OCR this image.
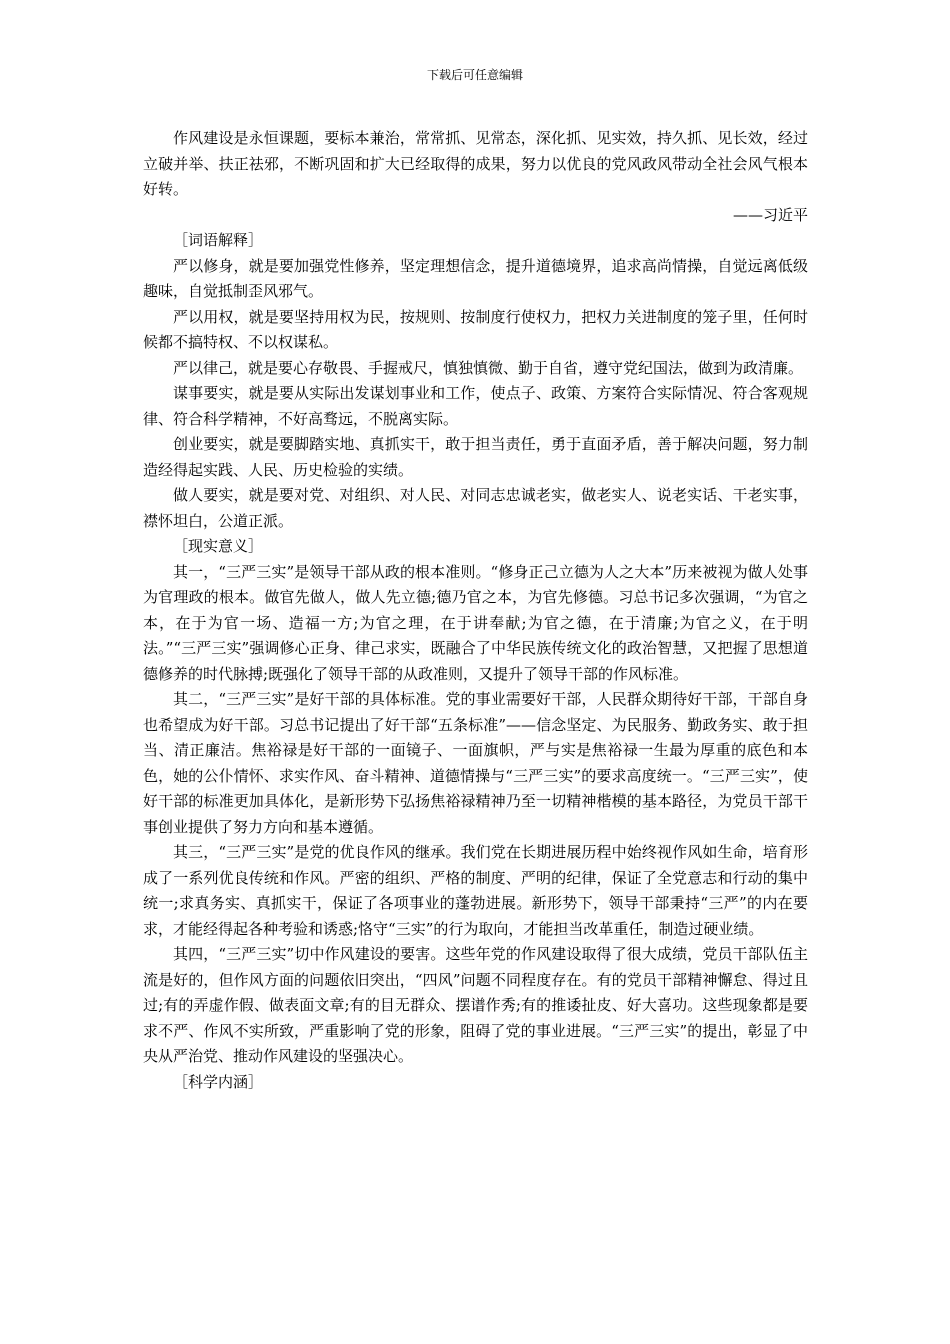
下载后可任意编辑

作风建设是永恒课题，要标本兼治，常常抓、见常态，深化抓、见实效，持久抓、见长效，经过立破并举、扶正祛邪，不断巩固和扩大已经取得的成果，努力以优良的党风政风带动全社会风气根本好转。

——习近平

［词语解释］

严以修身，就是要加强党性修养，坚定理想信念，提升道德境界，追求高尚情操，自觉远离低级趣味，自觉抵制歪风邪气。

严以用权，就是要坚持用权为民，按规则、按制度行使权力，把权力关进制度的笼子里，任何时候都不搞特权、不以权谋私。

严以律己，就是要心存敬畏、手握戒尺，慎独慎微、勤于自省，遵守党纪国法，做到为政清廉。

谋事要实，就是要从实际出发谋划事业和工作，使点子、政策、方案符合实际情况、符合客观规律、符合科学精神，不好高骛远，不脱离实际。

创业要实，就是要脚踏实地、真抓实干，敢于担当责任，勇于直面矛盾，善于解决问题，努力制造经得起实践、人民、历史检验的实绩。

做人要实，就是要对党、对组织、对人民、对同志忠诚老实，做老实人、说老实话、干老实事，襟怀坦白，公道正派。

［现实意义］

其一，“三严三实”是领导干部从政的根本准则。“修身正己立德为人之大本”历来被视为做人处事为官理政的根本。做官先做人，做人先立德;德乃官之本，为官先修德。习总书记多次强调，“为官之本，在于为官一场、造福一方;为官之理，在于讲奉献;为官之德，在于清廉;为官之义，在于明法。”“三严三实”强调修心正身、律己求实，既融合了中华民族传统文化的政治智慧，又把握了思想道德修养的时代脉搏;既强化了领导干部的从政准则，又提升了领导干部的作风标准。

其二，“三严三实”是好干部的具体标准。党的事业需要好干部，人民群众期待好干部，干部自身也希望成为好干部。习总书记提出了好干部“五条标准”——信念坚定、为民服务、勤政务实、敢于担当、清正廉洁。焦裕禄是好干部的一面镜子、一面旗帜，严与实是焦裕禄一生最为厚重的底色和本色，她的公仆情怀、求实作风、奋斗精神、道德情操与“三严三实”的要求高度统一。“三严三实”，使好干部的标准更加具体化，是新形势下弘扬焦裕禄精神乃至一切精神楷模的基本路径，为党员干部干事创业提供了努力方向和基本遵循。

其三，“三严三实”是党的优良作风的继承。我们党在长期进展历程中始终视作风如生命，培育形成了一系列优良传统和作风。严密的组织、严格的制度、严明的纪律，保证了全党意志和行动的集中统一;求真务实、真抓实干，保证了各项事业的蓬勃进展。新形势下，领导干部秉持“三严”的内在要求，才能经得起各种考验和诱惑;恪守“三实”的行为取向，才能担当改革重任，制造过硬业绩。

其四，“三严三实”切中作风建设的要害。这些年党的作风建设取得了很大成绩，党员干部队伍主流是好的，但作风方面的问题依旧突出，“四风”问题不同程度存在。有的党员干部精神懈怠、得过且过;有的弄虚作假、做表面文章;有的目无群众、摆谱作秀;有的推诿扯皮、好大喜功。这些现象都是要求不严、作风不实所致，严重影响了党的形象，阻碍了党的事业进展。“三严三实”的提出，彰显了中央从严治党、推动作风建设的坚强决心。

［科学内涵］
